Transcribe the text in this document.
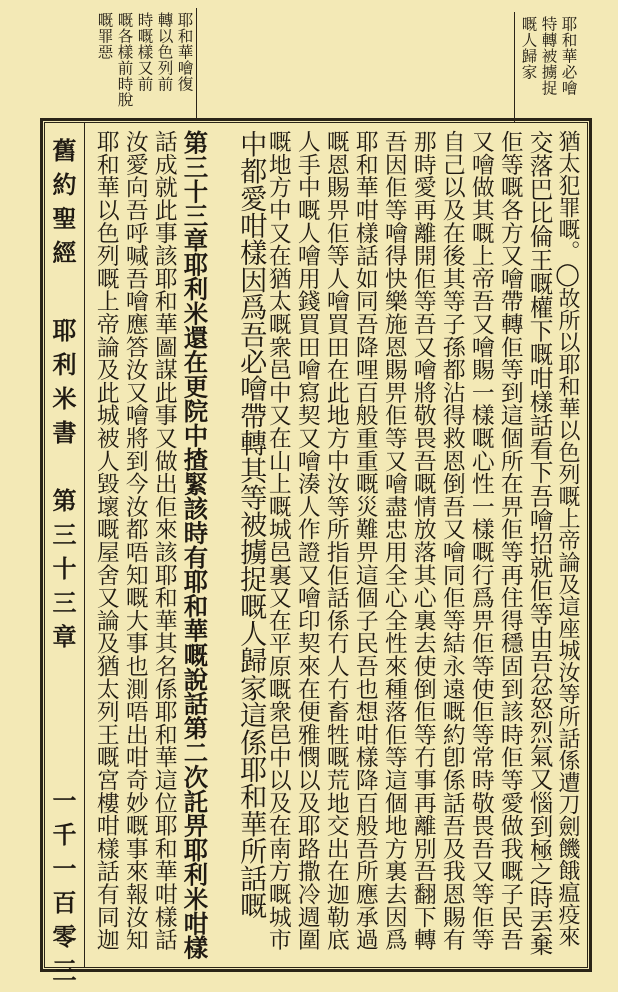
耶和華必噲
特轉被擄捉
嘅人歸家
耶和華噲復
轉以色列前
時嘅樣又前
嘅各樣前時脫
嘅罪惡
舊約聖經
耶利米書
第三十三章
一千一百零三	猶太犯罪嘅。◯故所以耶和華以色列嘅上帝論及這座城汝等所話係遭刀劍饑餓瘟疫來
交落巴比倫王嘅權下嘅咁樣話看下吾噲招就佢等由吾忿怒烈氣又惱到極之時丟棄
佢等嘅各方又噲帶轉佢等到這個所在畀佢等再住得穩固到該時佢等愛做我嘅子民吾
又噲做其嘅上帝吾又噲賜一樣嘅心性一樣嘅行爲畀佢等使佢等常時敬畏吾又等佢等
自己以及在後其等子孫都沾得救恩倒吾又噲同佢等結永遠嘅約卽係話吾及我恩賜有
那時愛再離開佢等吾又噲將敬畏吾嘅情放落其心裏去使倒佢等冇事再離別吾翻下轉
吾因佢等噲得快樂施恩賜畀佢等又噲盡忠用全心全性來種落佢等這個地方裏去因爲
耶和華咁樣話如同吾降哩百般重重嘅災難畀這個子民吾也想咁樣降百般吾所應承過
嘅恩賜畀佢等人噲買田在此地方中汝等所指佢話係冇人冇畜牲嘅荒地交出在迦勒底
人手中嘅人噲用錢買田噲寫契又噲湊人作證又噲印契來在便雅憫以及耶路撒冷週圍
嘅地方中又在猶太嘅衆邑中又在山上嘅城邑裏又在平原嘅衆邑中以及在南方嘅城市
中都愛咁樣因爲吾必噲帶轉其等被擄捉嘅人歸家這係耶和華所話嘅
第三十三章耶利米還在更院中揸緊該時有耶和華嘅說話第二次託畀耶利米咁樣
話成就此事該耶和華圖謀此事又做出佢來該耶和華其名係耶和華這位耶和華咁樣話
汝愛向吾呼喊吾噲應答汝又噲將到今汝都唔知嘅大事也測唔出咁奇妙嘅事來報汝知
耶和華以色列嘅上帝論及此城被人毀壞嘅屋舍又論及猶太列王嘅宮樓咁樣話有同迦
